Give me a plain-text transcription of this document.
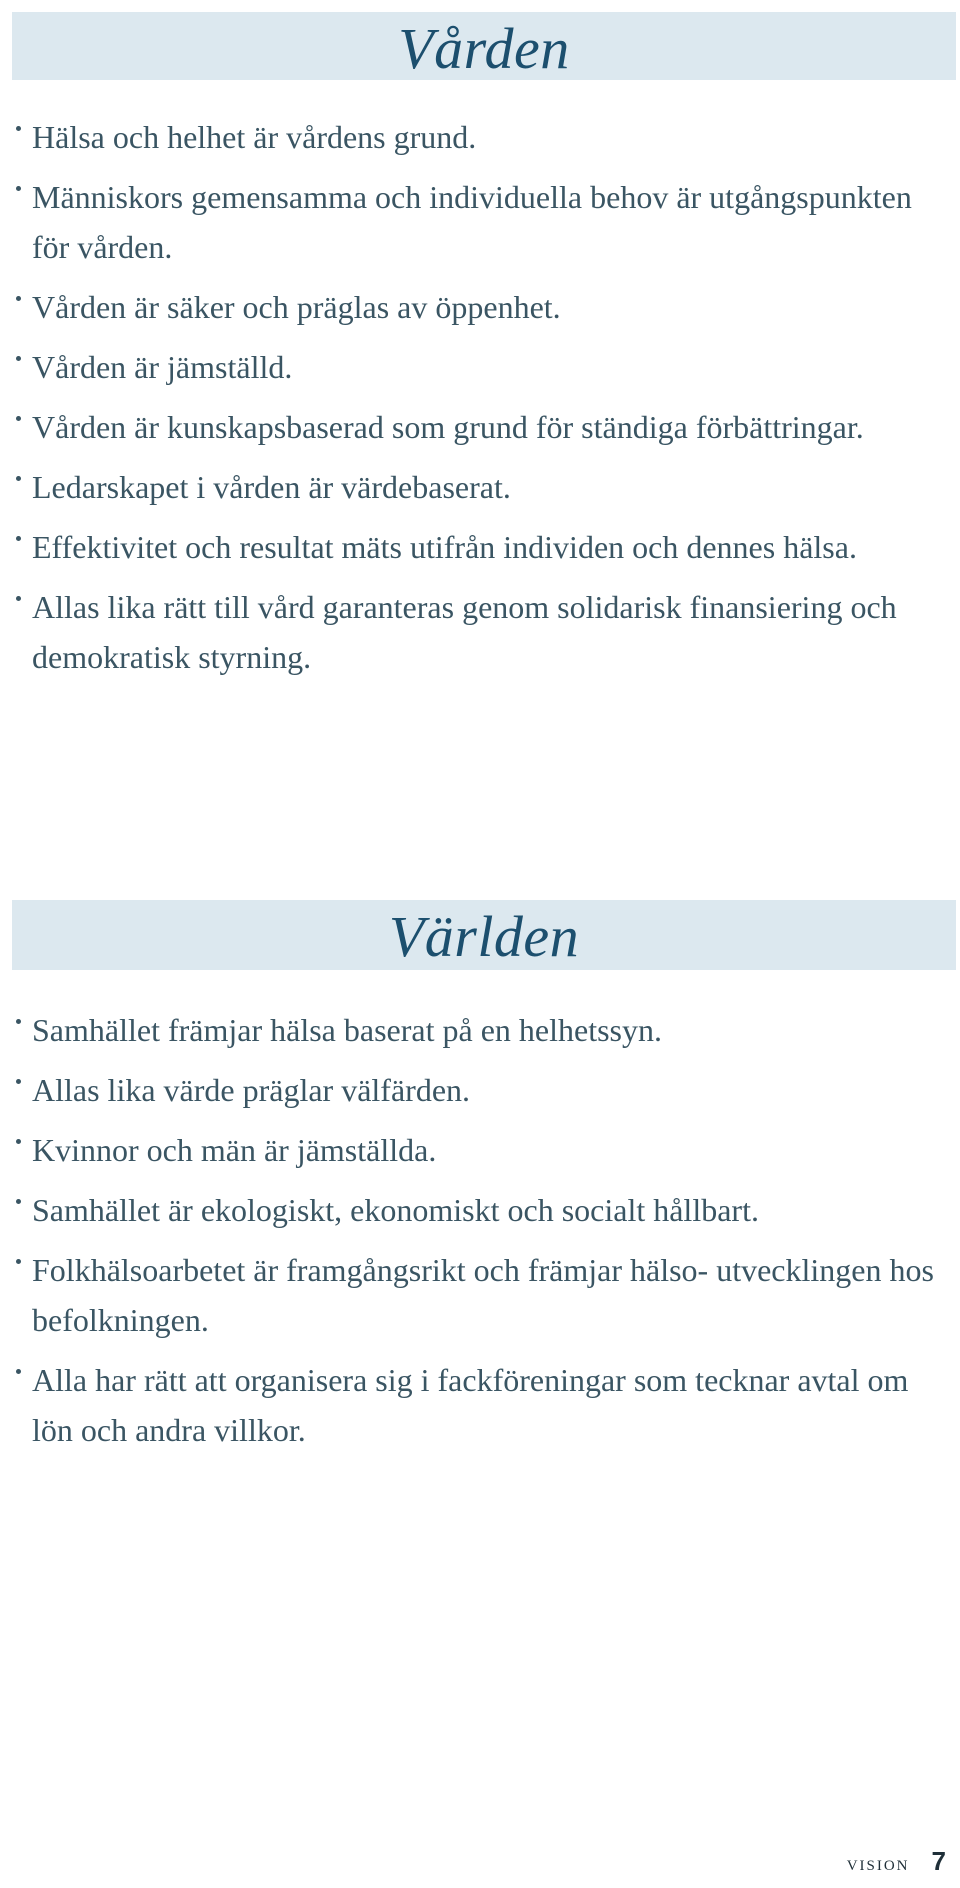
Vården
Hälsa och helhet är vårdens grund.
Människors gemensamma och individuella behov är utgångspunkten för vården.
Vården är säker och präglas av öppenhet.
Vården är jämställd.
Vården är kunskapsbaserad som grund för ständiga förbättringar.
Ledarskapet i vården är värdebaserat.
Effektivitet och resultat mäts utifrån individen och dennes hälsa.
Allas lika rätt till vård garanteras genom solidarisk finansiering och demokratisk styrning.
Världen
Samhället främjar hälsa baserat på en helhetssyn.
Allas lika värde präglar välfärden.
Kvinnor och män är jämställda.
Samhället är ekologiskt, ekonomiskt och socialt hållbart.
Folkhälsoarbetet är framgångsrikt och främjar hälso- utvecklingen hos befolkningen.
Alla har rätt att organisera sig i fackföreningar som tecknar avtal om lön och andra villkor.
vision 7
